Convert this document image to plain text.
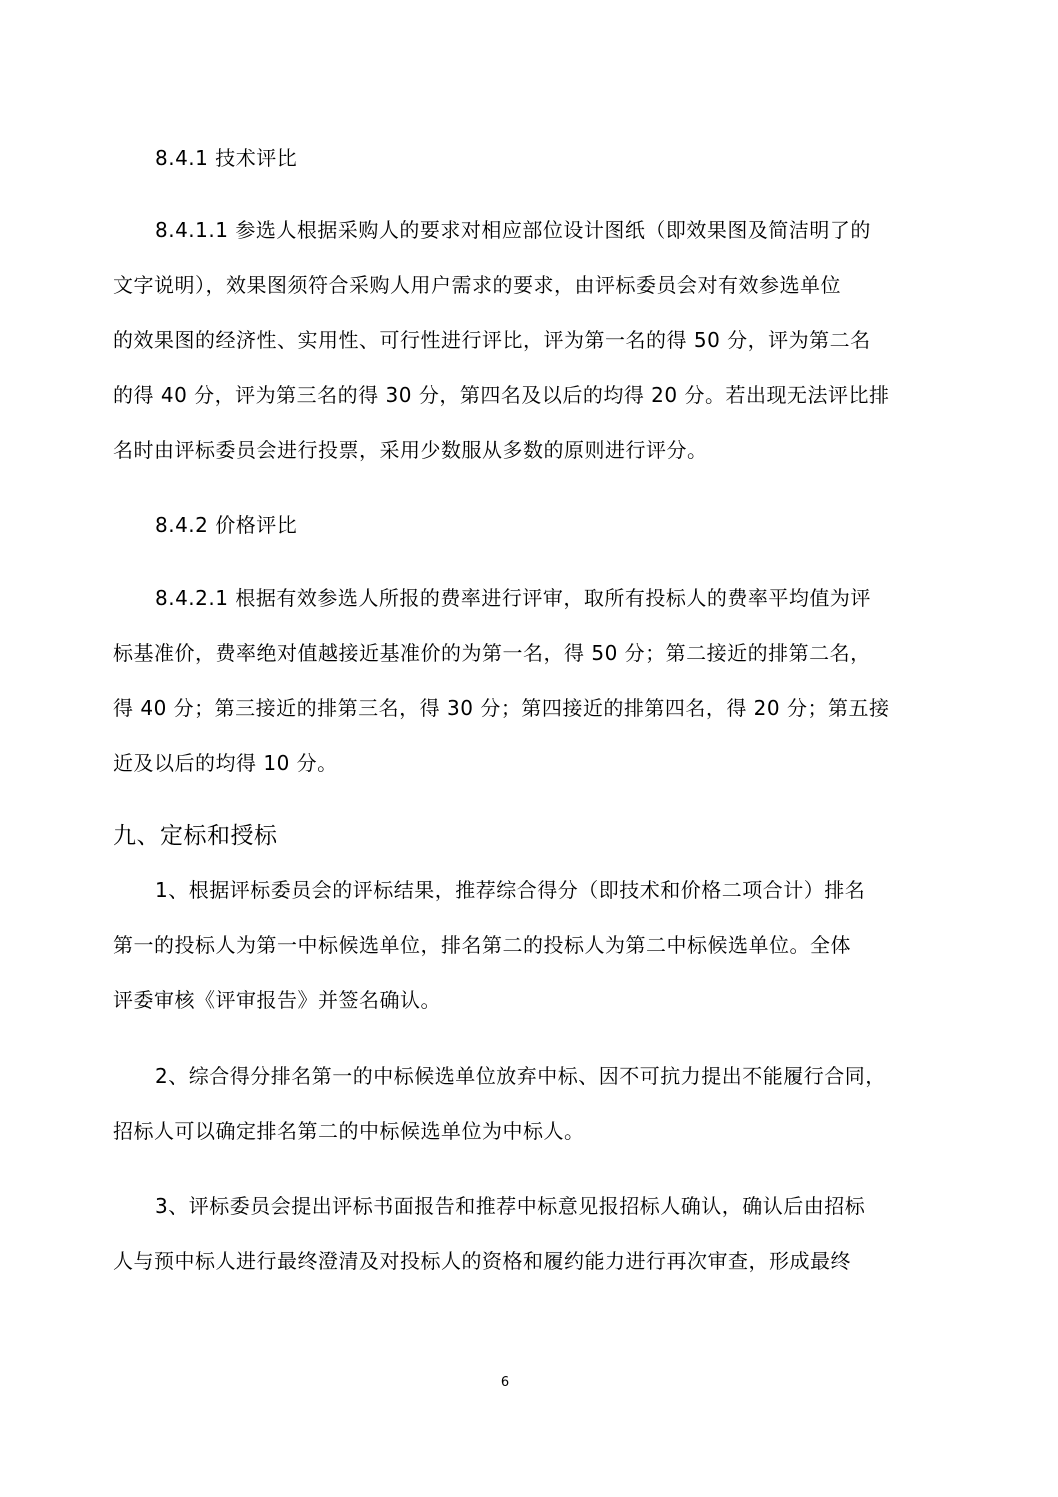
8.4.1 技术评比
8.4.1.1 参选人根据采购人的要求对相应部位设计图纸（即效果图及简洁明了的
文字说明），效果图须符合采购人用户需求的要求，由评标委员会对有效参选单位
的效果图的经济性、实用性、可行性进行评比，评为第一名的得 50 分，评为第二名
的得 40 分，评为第三名的得 30 分，第四名及以后的均得 20 分。若出现无法评比排
名时由评标委员会进行投票，采用少数服从多数的原则进行评分。
8.4.2 价格评比
8.4.2.1 根据有效参选人所报的费率进行评审，取所有投标人的费率平均值为评
标基准价，费率绝对值越接近基准价的为第一名，得 50 分；第二接近的排第二名，
得 40 分；第三接近的排第三名，得 30 分；第四接近的排第四名，得 20 分；第五接
近及以后的均得 10 分。
九、定标和授标
1、根据评标委员会的评标结果，推荐综合得分（即技术和价格二项合计）排名
第一的投标人为第一中标候选单位，排名第二的投标人为第二中标候选单位。全体
评委审核《评审报告》并签名确认。
2、综合得分排名第一的中标候选单位放弃中标、因不可抗力提出不能履行合同，
招标人可以确定排名第二的中标候选单位为中标人。
3、评标委员会提出评标书面报告和推荐中标意见报招标人确认，确认后由招标
人与预中标人进行最终澄清及对投标人的资格和履约能力进行再次审查，形成最终
6
